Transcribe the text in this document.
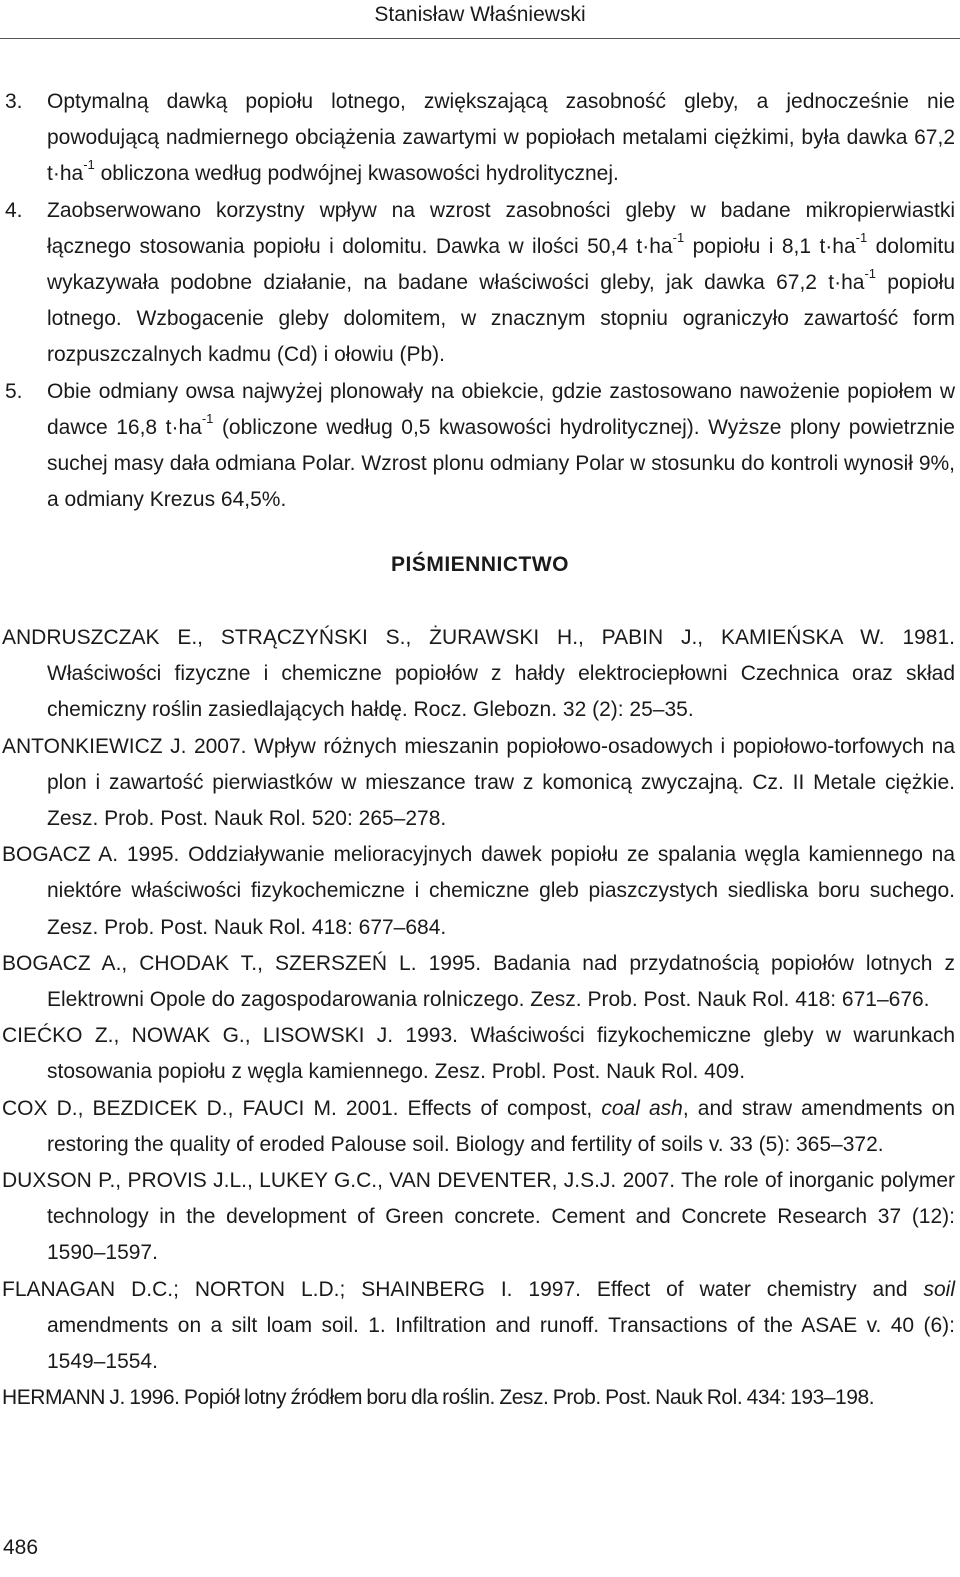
Stanisław Właśniewski

3. Optymalną dawką popiołu lotnego, zwiększającą zasobność gleby, a jednocześnie nie powodującą nadmiernego obciążenia zawartymi w popiołach metalami ciężkimi, była dawka 67,2 $t\cdot ha^{-1}$ obliczona według podwójnej kwasowości hydrolitycznej.

4. Zaobserwowano korzystny wpływ na wzrost zasobności gleby w badane mikropierwiastki łącznego stosowania popiołu i dolomitu. Dawka w ilości 50,4 $t\cdot ha^{-1}$ popiołu i 8,1 $t\cdot ha^{-1}$ dolomitu wykazywała podobne działanie, na badane właściwości gleby, jak dawka 67,2 $t\cdot ha^{-1}$ popiołu lotnego. Wzbogacenie gleby dolomitem, w znacznym stopniu ograniczyło zawartość form rozpuszczalnych kadmu (Cd) i ołowiu (Pb).

5. Obie odmiany owsa najwyżej plonowały na obiekcie, gdzie zastosowano nawożenie popiołem w dawce 16,8 $t\cdot ha^{-1}$ (obliczone według 0,5 kwasowości hydrolitycznej). Wyższe plony powietrznie suchej masy dała odmiana Polar. Wzrost plonu odmiany Polar w stosunku do kontroli wynosił 9%, a odmiany Krezus 64,5%.

PIŚMIENNICTWO

ANDRUSZCZAK E., STRĄCZYŃSKI S., ŻURAWSKI H., PABIN J., KAMIEŃSKA W. 1981. Właściwości fizyczne i chemiczne popiołów z hałdy elektrociepłowni Czechnica oraz skład chemiczny roślin zasiedlających hałdę. Rocz. Glebozn. 32 (2): 25–35.

ANTONKIEWICZ J. 2007. Wpływ różnych mieszanin popiołowo-osadowych i popiołowo-torfowych na plon i zawartość pierwiastków w mieszance traw z komonicą zwyczajną. Cz. II Metale ciężkie. Zesz. Prob. Post. Nauk Rol. 520: 265–278.

BOGACZ A. 1995. Oddziaływanie melioracyjnych dawek popiołu ze spalania węgla kamiennego na niektóre właściwości fizykochemiczne i chemiczne gleb piaszczystych siedliska boru suchego. Zesz. Prob. Post. Nauk Rol. 418: 677–684.

BOGACZ A., CHODAK T., SZERSZEŃ L. 1995. Badania nad przydatnością popiołów lotnych z Elektrowni Opole do zagospodarowania rolniczego. Zesz. Prob. Post. Nauk Rol. 418: 671–676.

CIEĆKO Z., NOWAK G., LISOWSKI J. 1993. Właściwości fizykochemiczne gleby w warunkach stosowania popiołu z węgla kamiennego. Zesz. Probl. Post. Nauk Rol. 409.

COX D., BEZDICEK D., FAUCI M. 2001. Effects of compost, coal ash, and straw amendments on restoring the quality of eroded Palouse soil. Biology and fertility of soils v. 33 (5): 365–372.

DUXSON P., PROVIS J.L., LUKEY G.C., VAN DEVENTER, J.S.J. 2007. The role of inorganic polymer technology in the development of Green concrete. Cement and Concrete Research 37 (12): 1590–1597.

FLANAGAN D.C.; NORTON L.D.; SHAINBERG I. 1997. Effect of water chemistry and soil amendments on a silt loam soil. 1. Infiltration and runoff. Transactions of the ASAE v. 40 (6): 1549–1554.

HERMANN J. 1996. Popiół lotny źródłem boru dla roślin. Zesz. Prob. Post. Nauk Rol. 434: 193–198.

486
